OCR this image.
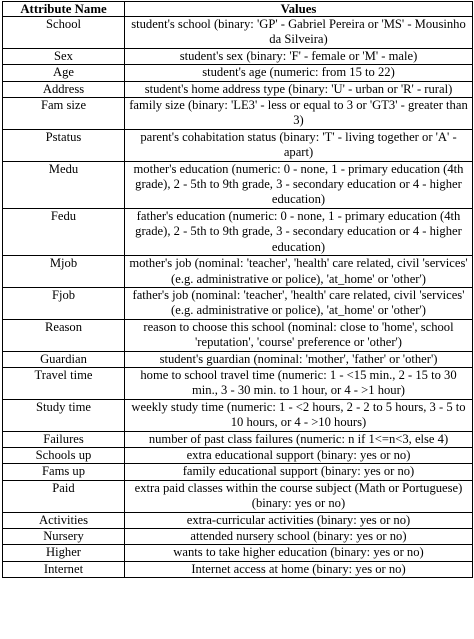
Attribute Name	Values
School	student's school (binary: 'GP' - Gabriel Pereira or 'MS' - Mousinho da Silveira)
Sex	student's sex (binary: 'F' - female or 'M' - male)
Age	student's age (numeric: from 15 to 22)
Address	student's home address type (binary: 'U' - urban or 'R' - rural)
Fam size	family size (binary: 'LE3' - less or equal to 3 or 'GT3' - greater than 3)
Pstatus	parent's cohabitation status (binary: 'T' - living together or 'A' - apart)
Medu	mother's education (numeric: 0 - none, 1 - primary education (4th grade), 2 - 5th to 9th grade, 3 - secondary education or 4 - higher education)
Fedu	father's education (numeric: 0 - none, 1 - primary education (4th grade), 2 - 5th to 9th grade, 3 - secondary education or 4 - higher education)
Mjob	mother's job (nominal: 'teacher', 'health' care related, civil 'services' (e.g. administrative or police), 'at_home' or 'other')
Fjob	father's job (nominal: 'teacher', 'health' care related, civil 'services' (e.g. administrative or police), 'at_home' or 'other')
Reason	reason to choose this school (nominal: close to 'home', school 'reputation', 'course' preference or 'other')
Guardian	student's guardian (nominal: 'mother', 'father' or 'other')
Travel time	home to school travel time (numeric: 1 - <15 min., 2 - 15 to 30 min., 3 - 30 min. to 1 hour, or 4 - >1 hour)
Study time	weekly study time (numeric: 1 - <2 hours, 2 - 2 to 5 hours, 3 - 5 to 10 hours, or 4 - >10 hours)
Failures	number of past class failures (numeric: n if 1<=n<3, else 4)
Schools up	extra educational support (binary: yes or no)
Fams up	family educational support (binary: yes or no)
Paid	extra paid classes within the course subject (Math or Portuguese) (binary: yes or no)
Activities	extra-curricular activities (binary: yes or no)
Nursery	attended nursery school (binary: yes or no)
Higher	wants to take higher education (binary: yes or no)
Internet	Internet access at home (binary: yes or no)
